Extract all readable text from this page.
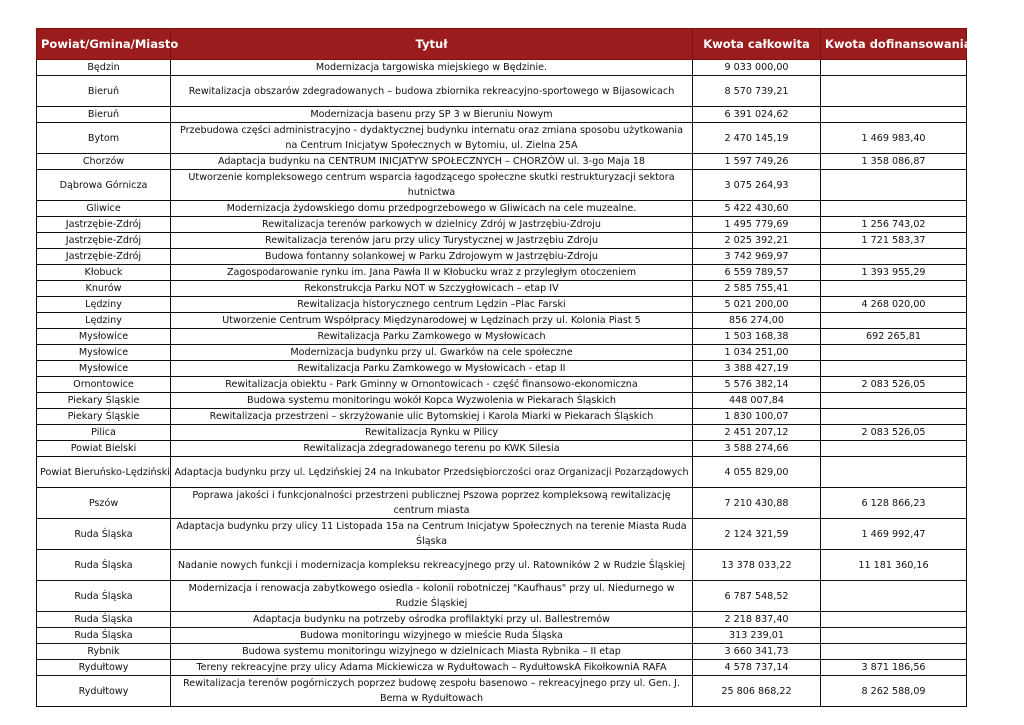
Powiat/Gmina/Miasto	Tytuł	Kwota całkowita	Kwota dofinansowania
Będzin	Modernizacja targowiska miejskiego w Będzinie.	9 033 000,00	
Bieruń	Rewitalizacja obszarów zdegradowanych – budowa zbiornika rekreacyjno-sportowego w Bijasowicach	8 570 739,21	
Bieruń	Modernizacja basenu przy SP 3 w Bieruniu Nowym	6 391 024,62	
Bytom	Przebudowa części administracyjno - dydaktycznej budynku internatu oraz zmiana sposobu użytkowania na Centrum Inicjatyw Społecznych w Bytomiu, ul. Zielna 25A	2 470 145,19	1 469 983,40
Chorzów	Adaptacja budynku na CENTRUM INICJATYW SPOŁECZNYCH – CHORZÓW ul. 3-go Maja 18	1 597 749,26	1 358 086,87
Dąbrowa Górnicza	Utworzenie kompleksowego centrum wsparcia łagodzącego społeczne skutki restrukturyzacji sektora hutnictwa	3 075 264,93	
Gliwice	Modernizacja żydowskiego domu przedpogrzebowego w Gliwicach na cele muzealne.	5 422 430,60	
Jastrzębie-Zdrój	Rewitalizacja terenów parkowych w dzielnicy Zdrój w Jastrzębiu-Zdroju	1 495 779,69	1 256 743,02
Jastrzębie-Zdrój	Rewitalizacja terenów jaru przy ulicy Turystycznej w Jastrzębiu Zdroju	2 025 392,21	1 721 583,37
Jastrzębie-Zdrój	Budowa fontanny solankowej w Parku Zdrojowym w Jastrzębiu-Zdroju	3 742 969,97	
Kłobuck	Zagospodarowanie rynku im. Jana Pawła II w Kłobucku wraz z przyległym otoczeniem	6 559 789,57	1 393 955,29
Knurów	Rekonstrukcja Parku NOT w Szczygłowicach – etap IV	2 585 755,41	
Lędziny	Rewitalizacja historycznego centrum Lędzin –Plac Farski	5 021 200,00	4 268 020,00
Lędziny	Utworzenie Centrum Współpracy Międzynarodowej w Lędzinach przy ul. Kolonia Piast 5	856 274,00	
Mysłowice	Rewitalizacja Parku Zamkowego w Mysłowicach	1 503 168,38	692 265,81
Mysłowice	Modernizacja budynku przy ul. Gwarków na cele społeczne	1 034 251,00	
Mysłowice	Rewitalizacja Parku Zamkowego w Mysłowicach - etap II	3 388 427,19	
Ornontowice	Rewitalizacja obiektu - Park Gminny w Ornontowicach - część finansowo-ekonomiczna	5 576 382,14	2 083 526,05
Piekary Śląskie	Budowa systemu monitoringu wokół Kopca Wyzwolenia w Piekarach Śląskich	448 007,84	
Piekary Śląskie	Rewitalizacja przestrzeni – skrzyżowanie ulic Bytomskiej i Karola Miarki w Piekarach Śląskich	1 830 100,07	
Pilica	Rewitalizacja Rynku w Pilicy	2 451 207,12	2 083 526,05
Powiat Bielski	Rewitalizacja zdegradowanego terenu po KWK Silesia	3 588 274,66	
Powiat Bieruńsko-Lędziński	Adaptacja budynku przy ul. Lędzińskiej 24 na Inkubator Przedsiębiorczości oraz Organizacji Pozarządowych	4 055 829,00	
Pszów	Poprawa jakości i funkcjonalności przestrzeni publicznej Pszowa poprzez kompleksową rewitalizację centrum miasta	7 210 430,88	6 128 866,23
Ruda Śląska	Adaptacja budynku przy ulicy 11 Listopada 15a na Centrum Inicjatyw Społecznych na terenie Miasta Ruda Śląska	2 124 321,59	1 469 992,47
Ruda Śląska	Nadanie nowych funkcji i modernizacja kompleksu rekreacyjnego przy ul. Ratowników 2 w Rudzie Śląskiej	13 378 033,22	11 181 360,16
Ruda Śląska	Modernizacja i renowacja zabytkowego osiedla - kolonii robotniczej "Kaufhaus" przy ul. Niedurnego w Rudzie Śląskiej	6 787 548,52	
Ruda Śląska	Adaptacja budynku na potrzeby ośrodka profilaktyki przy ul. Ballestremów	2 218 837,40	
Ruda Śląska	Budowa monitoringu wizyjnego w mieście Ruda Śląska	313 239,01	
Rybnik	Budowa systemu monitoringu wizyjnego w dzielnicach Miasta Rybnika – II etap	3 660 341,73	
Rydułtowy	Tereny rekreacyjne przy ulicy Adama Mickiewicza w Rydułtowach – RydułtowskA FikołkowniA RAFA	4 578 737,14	3 871 186,56
Rydułtowy	Rewitalizacja terenów pogórniczych poprzez budowę zespołu basenowo – rekreacyjnego przy ul. Gen. J. Bema w Rydułtowach	25 806 868,22	8 262 588,09
